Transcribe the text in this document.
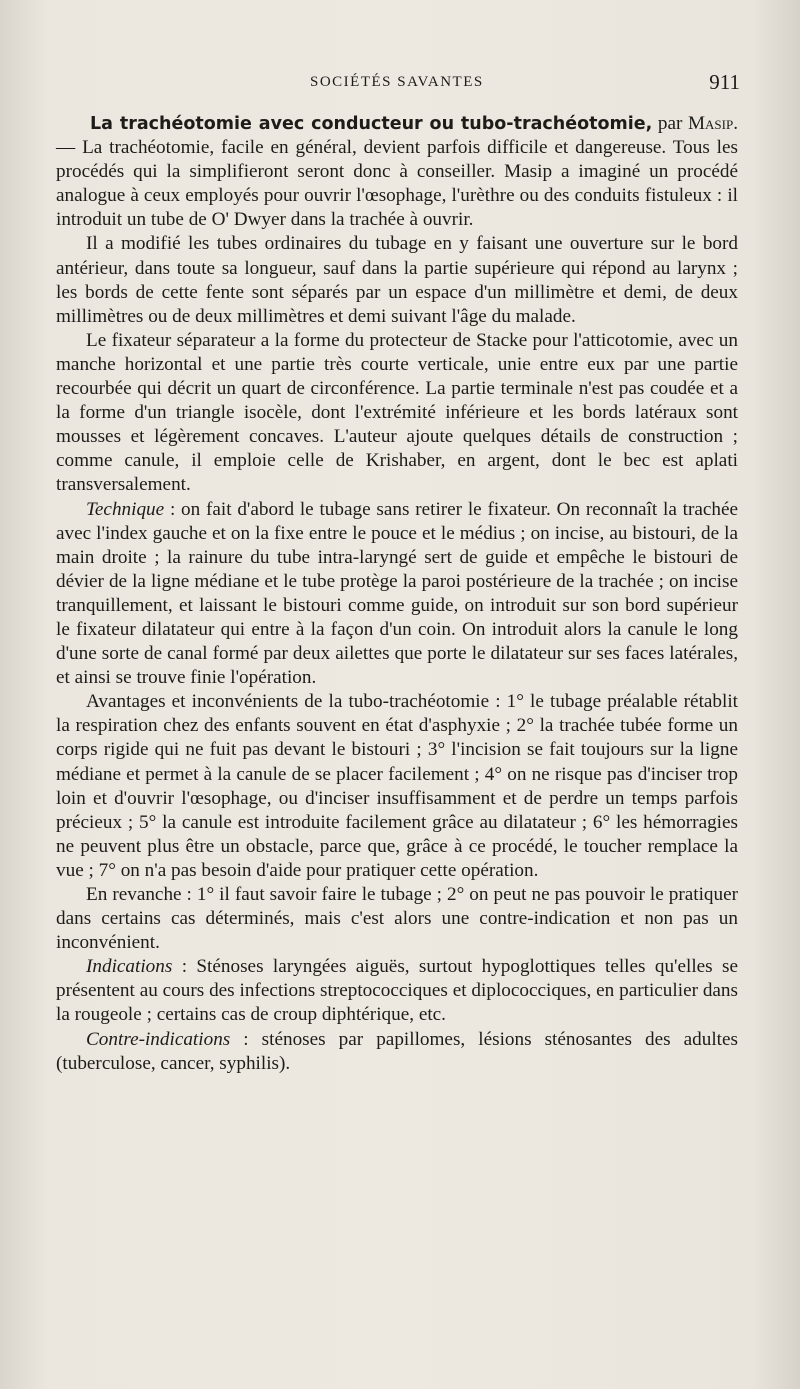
SOCIÉTÉS SAVANTES	911

La trachéotomie avec conducteur ou tubo-trachéotomie, par Masip. — La trachéotomie, facile en général, devient parfois difficile et dangereuse. Tous les procédés qui la simplifieront seront donc à conseiller. Masip a imaginé un procédé analogue à ceux employés pour ouvrir l'œsophage, l'urèthre ou des conduits fistuleux : il introduit un tube de O' Dwyer dans la trachée à ouvrir.

Il a modifié les tubes ordinaires du tubage en y faisant une ouverture sur le bord antérieur, dans toute sa longueur, sauf dans la partie supérieure qui répond au larynx ; les bords de cette fente sont séparés par un espace d'un millimètre et demi, de deux millimètres ou de deux millimètres et demi suivant l'âge du malade.

Le fixateur séparateur a la forme du protecteur de Stacke pour l'atticotomie, avec un manche horizontal et une partie très courte verticale, unie entre eux par une partie recourbée qui décrit un quart de circonférence. La partie terminale n'est pas coudée et a la forme d'un triangle isocèle, dont l'extrémité inférieure et les bords latéraux sont mousses et légèrement concaves. L'auteur ajoute quelques détails de construction ; comme canule, il emploie celle de Krishaber, en argent, dont le bec est aplati transversalement.

Technique : on fait d'abord le tubage sans retirer le fixateur. On reconnaît la trachée avec l'index gauche et on la fixe entre le pouce et le médius ; on incise, au bistouri, de la main droite ; la rainure du tube intra-laryngé sert de guide et empêche le bistouri de dévier de la ligne médiane et le tube protège la paroi postérieure de la trachée ; on incise tranquillement, et laissant le bistouri comme guide, on introduit sur son bord supérieur le fixateur dilatateur qui entre à la façon d'un coin. On introduit alors la canule le long d'une sorte de canal formé par deux ailettes que porte le dilatateur sur ses faces latérales, et ainsi se trouve finie l'opération.

Avantages et inconvénients de la tubo-trachéotomie : 1° le tubage préalable rétablit la respiration chez des enfants souvent en état d'asphyxie ; 2° la trachée tubée forme un corps rigide qui ne fuit pas devant le bistouri ; 3° l'incision se fait toujours sur la ligne médiane et permet à la canule de se placer facilement ; 4° on ne risque pas d'inciser trop loin et d'ouvrir l'œsophage, ou d'inciser insuffisamment et de perdre un temps parfois précieux ; 5° la canule est introduite facilement grâce au dilatateur ; 6° les hémorragies ne peuvent plus être un obstacle, parce que, grâce à ce procédé, le toucher remplace la vue ; 7° on n'a pas besoin d'aide pour pratiquer cette opération.

En revanche : 1° il faut savoir faire le tubage ; 2° on peut ne pas pouvoir le pratiquer dans certains cas déterminés, mais c'est alors une contre-indication et non pas un inconvénient.

Indications : Sténoses laryngées aiguës, surtout hypoglottiques telles qu'elles se présentent au cours des infections streptococciques et diplococciques, en particulier dans la rougeole ; certains cas de croup diphtérique, etc.

Contre-indications : sténoses par papillomes, lésions sténosantes des adultes (tuberculose, cancer, syphilis).
